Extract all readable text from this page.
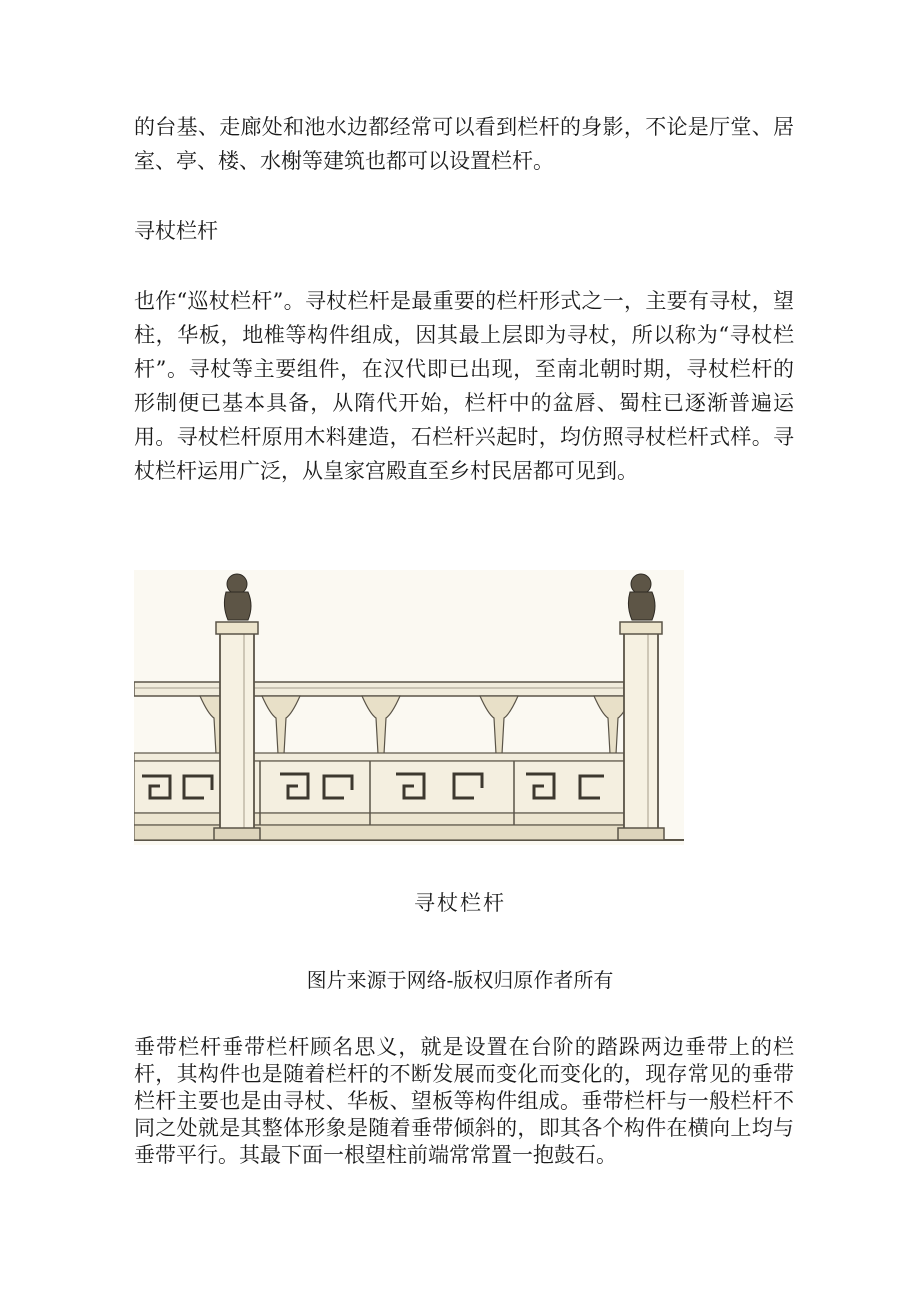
的台基、走廊处和池水边都经常可以看到栏杆的身影，不论是厅堂、居室、亭、楼、水榭等建筑也都可以设置栏杆。

寻杖栏杆

也作“巡杖栏杆”。寻杖栏杆是最重要的栏杆形式之一，主要有寻杖，望柱，华板，地椎等构件组成，因其最上层即为寻杖，所以称为“寻杖栏杆”。寻杖等主要组件，在汉代即已出现，至南北朝时期，寻杖栏杆的形制便已基本具备，从隋代开始，栏杆中的盆唇、蜀柱已逐渐普遍运用。寻杖栏杆原用木料建造，石栏杆兴起时，均仿照寻杖栏杆式样。寻杖栏杆运用广泛，从皇家宫殿直至乡村民居都可见到。

寻杖栏杆

图片来源于网络-版权归原作者所有

垂带栏杆垂带栏杆顾名思义，就是设置在台阶的踏跺两边垂带上的栏杆，其构件也是随着栏杆的不断发展而变化而变化的，现存常见的垂带栏杆主要也是由寻杖、华板、望板等构件组成。垂带栏杆与一般栏杆不同之处就是其整体形象是随着垂带倾斜的，即其各个构件在横向上均与垂带平行。其最下面一根望柱前端常常置一抱鼓石。
